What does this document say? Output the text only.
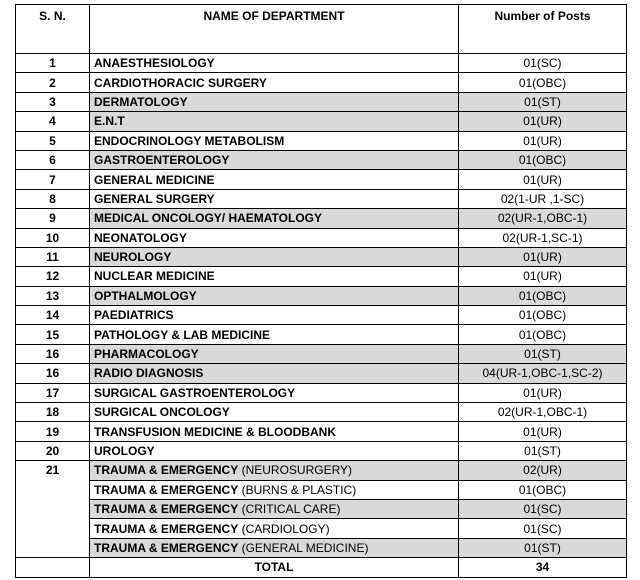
S. N.	NAME OF DEPARTMENT	Number of Posts
1	ANAESTHESIOLOGY	01(SC)
2	CARDIOTHORACIC SURGERY	01(OBC)
3	DERMATOLOGY	01(ST)
4	E.N.T	01(UR)
5	ENDOCRINOLOGY METABOLISM	01(UR)
6	GASTROENTEROLOGY	01(OBC)
7	GENERAL MEDICINE	01(UR)
8	GENERAL SURGERY	02(1-UR ,1-SC)
9	MEDICAL ONCOLOGY/ HAEMATOLOGY	02(UR-1,OBC-1)
10	NEONATOLOGY	02(UR-1,SC-1)
11	NEUROLOGY	01(UR)
12	NUCLEAR MEDICINE	01(UR)
13	OPTHALMOLOGY	01(OBC)
14	PAEDIATRICS	01(OBC)
15	PATHOLOGY & LAB MEDICINE	01(OBC)
16	PHARMACOLOGY	01(ST)
16	RADIO DIAGNOSIS	04(UR-1,OBC-1,SC-2)
17	SURGICAL GASTROENTEROLOGY	01(UR)
18	SURGICAL ONCOLOGY	02(UR-1,OBC-1)
19	TRANSFUSION MEDICINE & BLOODBANK	01(UR)
20	UROLOGY	01(ST)
21	TRAUMA & EMERGENCY (NEUROSURGERY)	02(UR)
	TRAUMA & EMERGENCY (BURNS & PLASTIC)	01(OBC)
	TRAUMA & EMERGENCY (CRITICAL CARE)	01(SC)
	TRAUMA & EMERGENCY (CARDIOLOGY)	01(SC)
	TRAUMA & EMERGENCY (GENERAL MEDICINE)	01(ST)
	TOTAL	34
